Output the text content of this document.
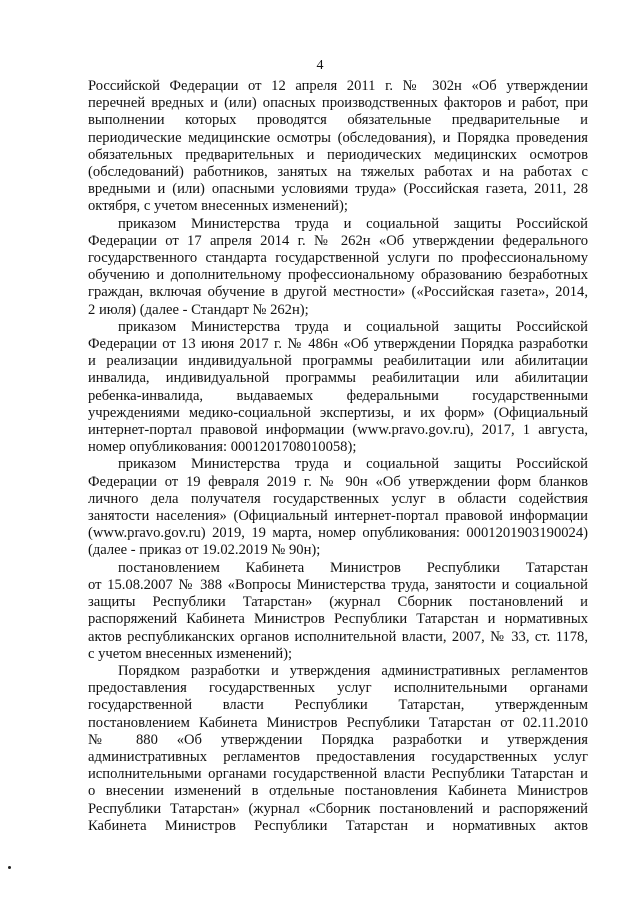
4
Российской Федерации от 12 апреля 2011 г. № 302н «Об утверждении
перечней вредных и (или) опасных производственных факторов и работ, при
выполнении которых проводятся обязательные предварительные и
периодические медицинские осмотры (обследования), и Порядка проведения
обязательных предварительных и периодических медицинских осмотров
(обследований) работников, занятых на тяжелых работах и на работах с
вредными и (или) опасными условиями труда» (Российская газета, 2011, 28
октября, с учетом внесенных изменений);
приказом Министерства труда и социальной защиты Российской
Федерации от 17 апреля 2014 г. № 262н «Об утверждении федерального
государственного стандарта государственной услуги по профессиональному
обучению и дополнительному профессиональному образованию безработных
граждан, включая обучение в другой местности» («Российская газета», 2014,
2 июля) (далее - Стандарт № 262н);
приказом Министерства труда и социальной защиты Российской
Федерации от 13 июня 2017 г. № 486н «Об утверждении Порядка разработки
и реализации индивидуальной программы реабилитации или абилитации
инвалида, индивидуальной программы реабилитации или абилитации
ребенка-инвалида, выдаваемых федеральными государственными
учреждениями медико-социальной экспертизы, и их форм» (Официальный
интернет-портал правовой информации (www.pravo.gov.ru), 2017, 1 августа,
номер опубликования: 0001201708010058);
приказом Министерства труда и социальной защиты Российской
Федерации от 19 февраля 2019 г. № 90н «Об утверждении форм бланков
личного дела получателя государственных услуг в области содействия
занятости населения» (Официальный интернет-портал правовой информации
(www.pravo.gov.ru) 2019, 19 марта, номер опубликования: 0001201903190024)
(далее - приказ от 19.02.2019 № 90н);
постановлением Кабинета Министров Республики Татарстан
от 15.08.2007 № 388 «Вопросы Министерства труда, занятости и социальной
защиты Республики Татарстан» (журнал Сборник постановлений и
распоряжений Кабинета Министров Республики Татарстан и нормативных
актов республиканских органов исполнительной власти, 2007, № 33, ст. 1178,
с учетом внесенных изменений);
Порядком разработки и утверждения административных регламентов
предоставления государственных услуг исполнительными органами
государственной власти Республики Татарстан, утвержденным
постановлением Кабинета Министров Республики Татарстан от 02.11.2010
№ 880 «Об утверждении Порядка разработки и утверждения
административных регламентов предоставления государственных услуг
исполнительными органами государственной власти Республики Татарстан и
о внесении изменений в отдельные постановления Кабинета Министров
Республики Татарстан» (журнал «Сборник постановлений и распоряжений
Кабинета Министров Республики Татарстан и нормативных актов
